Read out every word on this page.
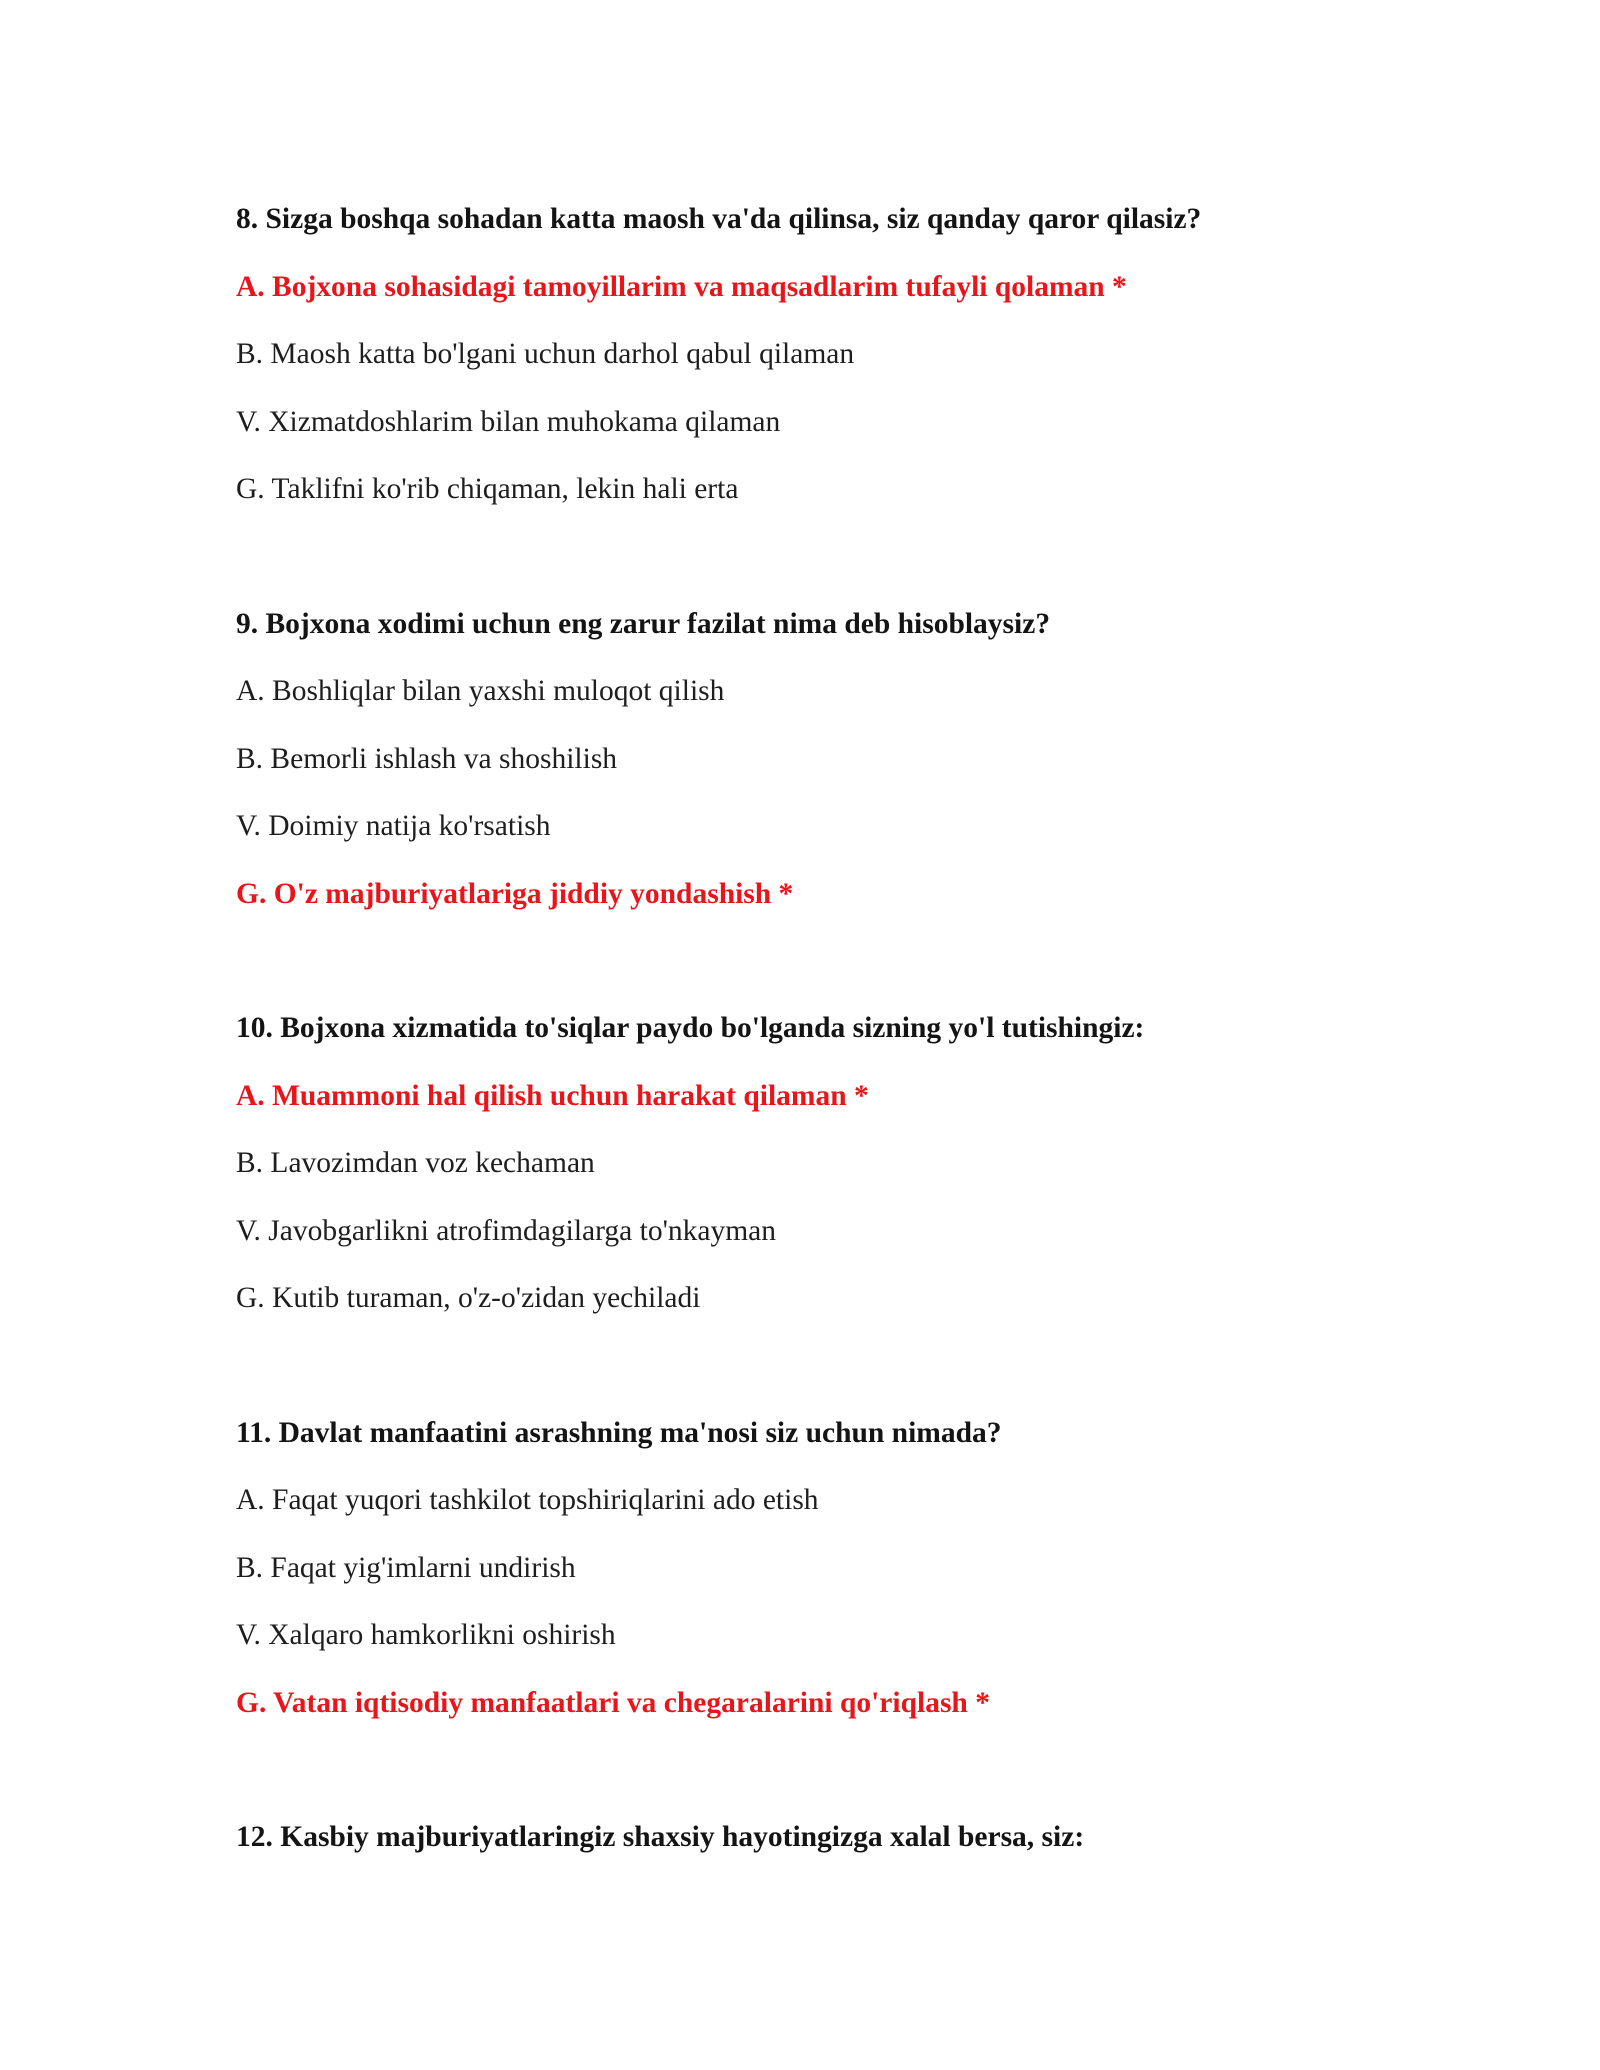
8. Sizga boshqa sohadan katta maosh va'da qilinsa, siz qanday qaror qilasiz?
A. Bojxona sohasidagi tamoyillarim va maqsadlarim tufayli qolaman *
B. Maosh katta bo'lgani uchun darhol qabul qilaman
V. Xizmatdoshlarim bilan muhokama qilaman
G. Taklifni ko'rib chiqaman, lekin hali erta
9. Bojxona xodimi uchun eng zarur fazilat nima deb hisoblaysiz?
A. Boshliqlar bilan yaxshi muloqot qilish
B. Bemorli ishlash va shoshilish
V. Doimiy natija ko'rsatish
G. O'z majburiyatlariga jiddiy yondashish *
10. Bojxona xizmatida to'siqlar paydo bo'lganda sizning yo'l tutishingiz:
A. Muammoni hal qilish uchun harakat qilaman *
B. Lavozimdan voz kechaman
V. Javobgarlikni atrofimdagilarga to'nkayman
G. Kutib turaman, o'z-o'zidan yechiladi
11. Davlat manfaatini asrashning ma'nosi siz uchun nimada?
A. Faqat yuqori tashkilot topshiriqlarini ado etish
B. Faqat yig'imlarni undirish
V. Xalqaro hamkorlikni oshirish
G. Vatan iqtisodiy manfaatlari va chegaralarini qo'riqlash *
12. Kasbiy majburiyatlaringiz shaxsiy hayotingizga xalal bersa, siz:
